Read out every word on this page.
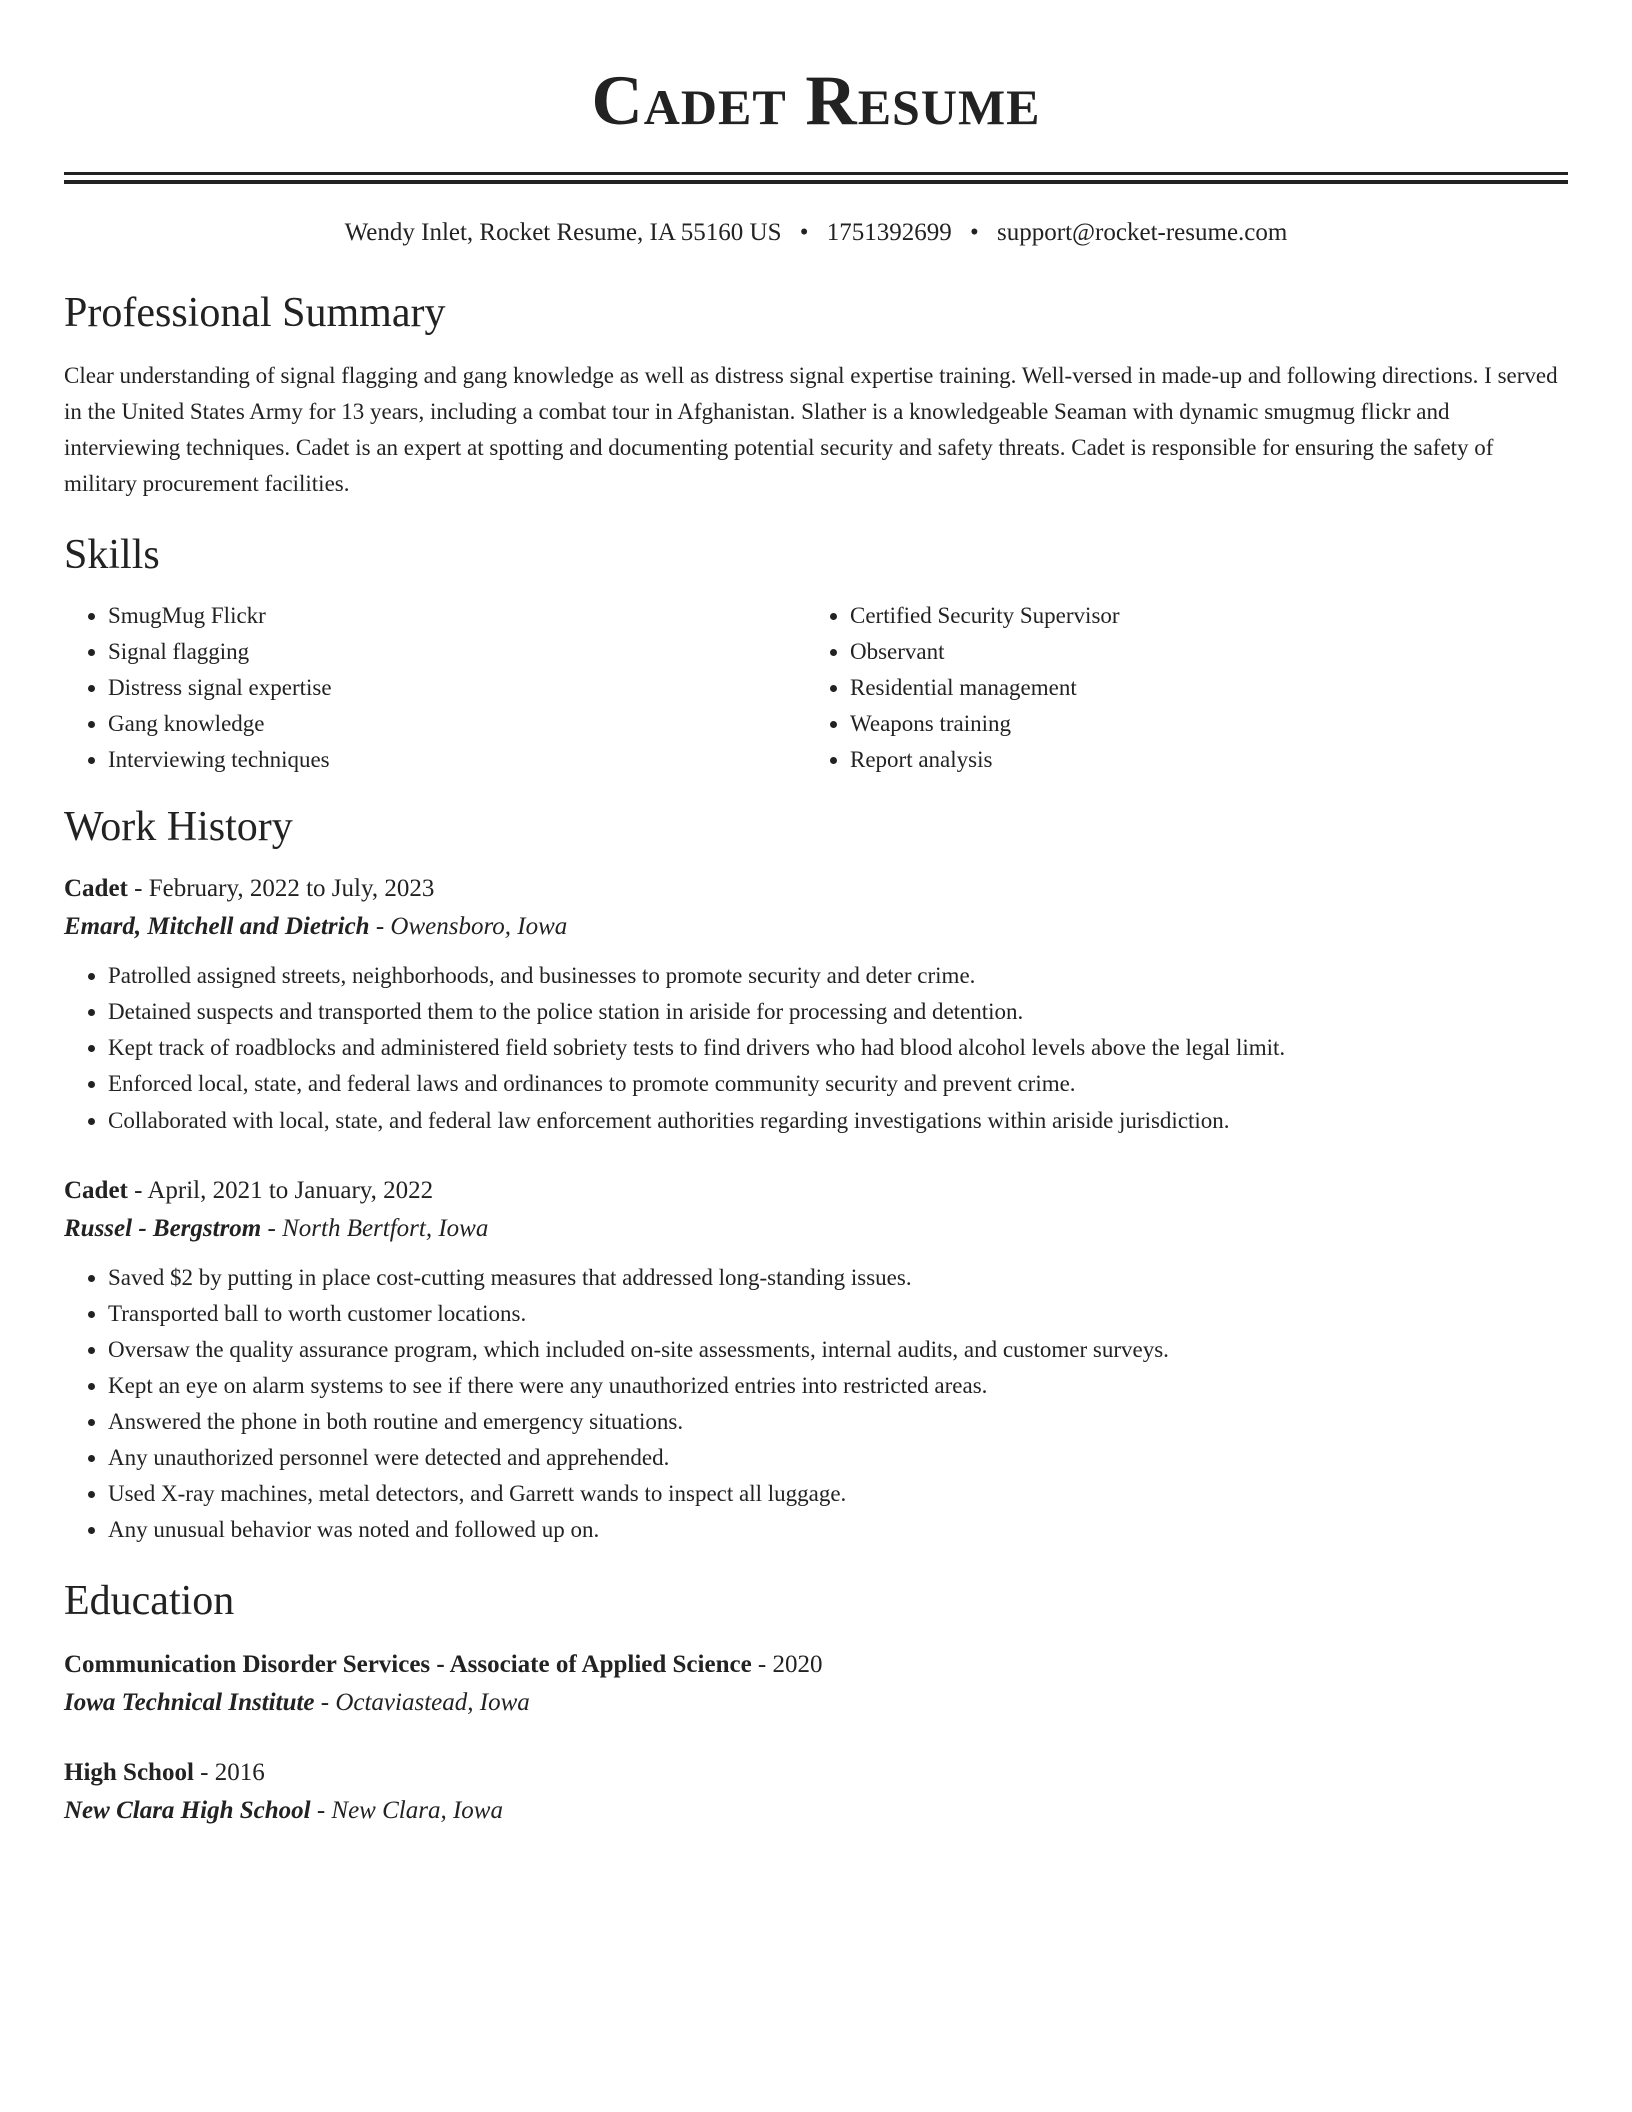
Cadet Resume
Wendy Inlet, Rocket Resume, IA 55160 US • 1751392699 • support@rocket-resume.com
Professional Summary
Clear understanding of signal flagging and gang knowledge as well as distress signal expertise training. Well-versed in made-up and following directions. I served in the United States Army for 13 years, including a combat tour in Afghanistan. Slather is a knowledgeable Seaman with dynamic smugmug flickr and interviewing techniques. Cadet is an expert at spotting and documenting potential security and safety threats. Cadet is responsible for ensuring the safety of military procurement facilities.
Skills
• SmugMug Flickr
• Signal flagging
• Distress signal expertise
• Gang knowledge
• Interviewing techniques
• Certified Security Supervisor
• Observant
• Residential management
• Weapons training
• Report analysis
Work History
Cadet - February, 2022 to July, 2023
Emard, Mitchell and Dietrich - Owensboro, Iowa
• Patrolled assigned streets, neighborhoods, and businesses to promote security and deter crime.
• Detained suspects and transported them to the police station in ariside for processing and detention.
• Kept track of roadblocks and administered field sobriety tests to find drivers who had blood alcohol levels above the legal limit.
• Enforced local, state, and federal laws and ordinances to promote community security and prevent crime.
• Collaborated with local, state, and federal law enforcement authorities regarding investigations within ariside jurisdiction.
Cadet - April, 2021 to January, 2022
Russel - Bergstrom - North Bertfort, Iowa
• Saved $2 by putting in place cost-cutting measures that addressed long-standing issues.
• Transported ball to worth customer locations.
• Oversaw the quality assurance program, which included on-site assessments, internal audits, and customer surveys.
• Kept an eye on alarm systems to see if there were any unauthorized entries into restricted areas.
• Answered the phone in both routine and emergency situations.
• Any unauthorized personnel were detected and apprehended.
• Used X-ray machines, metal detectors, and Garrett wands to inspect all luggage.
• Any unusual behavior was noted and followed up on.
Education
Communication Disorder Services - Associate of Applied Science - 2020
Iowa Technical Institute - Octaviastead, Iowa
High School - 2016
New Clara High School - New Clara, Iowa
